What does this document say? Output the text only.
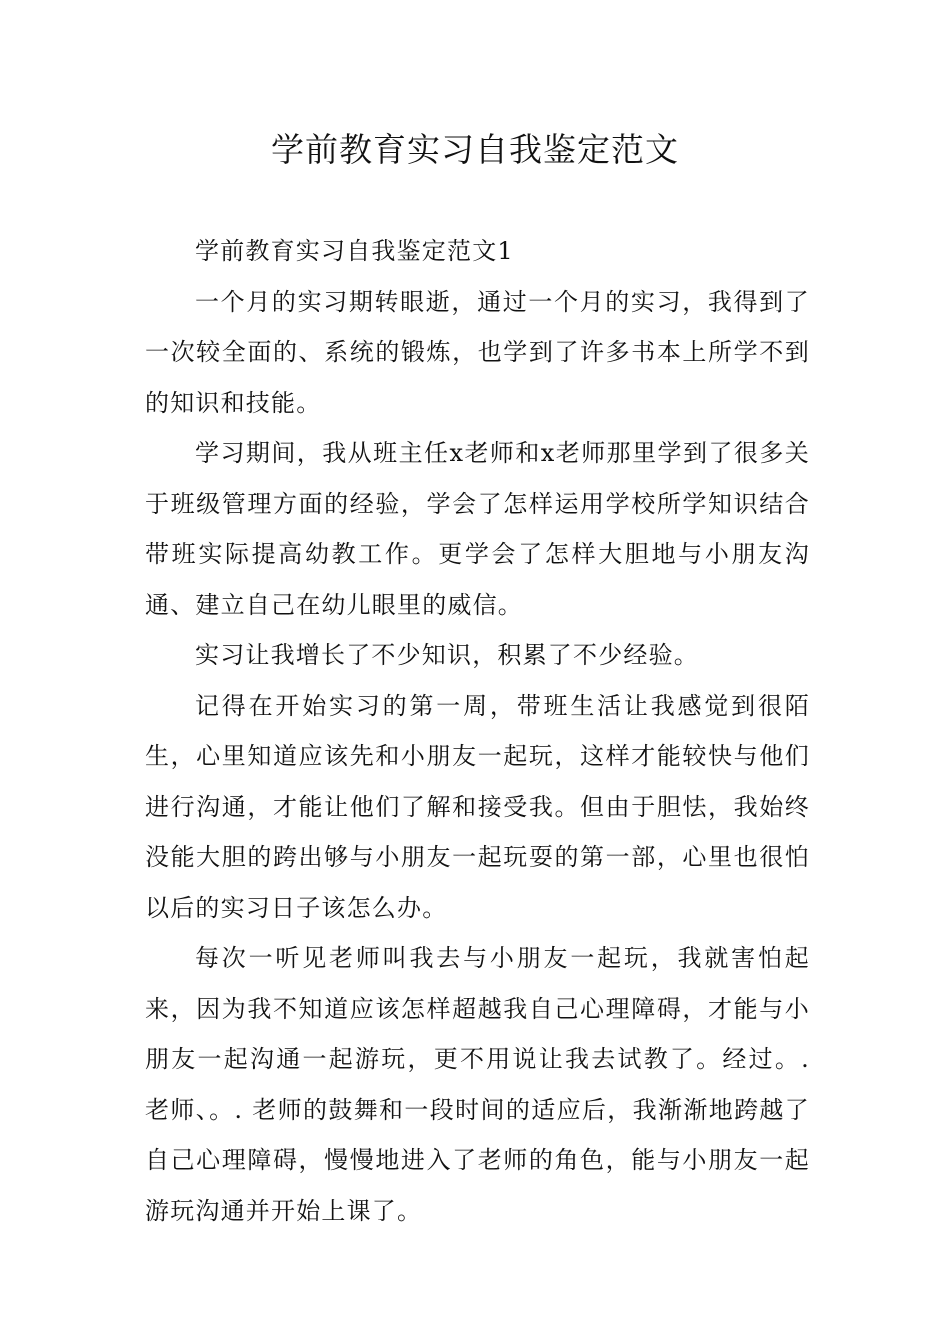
学前教育实习自我鉴定范文

学前教育实习自我鉴定范文1

一个月的实习期转眼逝，通过一个月的实习，我得到了一次较全面的、系统的锻炼，也学到了许多书本上所学不到的知识和技能。

学习期间，我从班主任x老师和x老师那里学到了很多关于班级管理方面的经验，学会了怎样运用学校所学知识结合带班实际提高幼教工作。更学会了怎样大胆地与小朋友沟通、建立自己在幼儿眼里的威信。

实习让我增长了不少知识，积累了不少经验。

记得在开始实习的第一周，带班生活让我感觉到很陌生，心里知道应该先和小朋友一起玩，这样才能较快与他们进行沟通，才能让他们了解和接受我。但由于胆怯，我始终没能大胆的跨出够与小朋友一起玩耍的第一部，心里也很怕以后的实习日子该怎么办。

每次一听见老师叫我去与小朋友一起玩，我就害怕起来，因为我不知道应该怎样超越我自己心理障碍，才能与小朋友一起沟通一起游玩，更不用说让我去试教了。经过。. 老师、。. 老师的鼓舞和一段时间的适应后，我渐渐地跨越了自己心理障碍，慢慢地进入了老师的角色，能与小朋友一起游玩沟通并开始上课了。
